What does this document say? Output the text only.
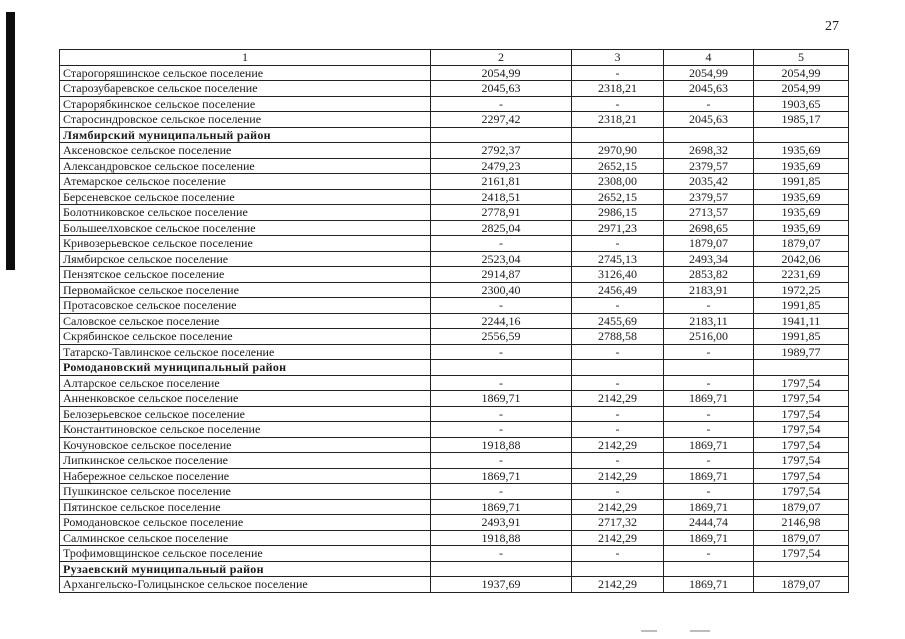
27
1	2	3	4	5
Старогоряшинское сельское поселение	2054,99	-	2054,99	2054,99
Старозубаревское сельское поселение	2045,63	2318,21	2045,63	2054,99
Старорябкинское сельское поселение	-	-	-	1903,65
Старосиндровское сельское поселение	2297,42	2318,21	2045,63	1985,17
Лямбирский муниципальный район				
Аксеновское сельское поселение	2792,37	2970,90	2698,32	1935,69
Александровское сельское поселение	2479,23	2652,15	2379,57	1935,69
Атемарское сельское поселение	2161,81	2308,00	2035,42	1991,85
Берсеневское сельское поселение	2418,51	2652,15	2379,57	1935,69
Болотниковское сельское поселение	2778,91	2986,15	2713,57	1935,69
Большеелховское сельское поселение	2825,04	2971,23	2698,65	1935,69
Кривозерьевское сельское поселение	-	-	1879,07	1879,07
Лямбирское сельское поселение	2523,04	2745,13	2493,34	2042,06
Пензятское сельское поселение	2914,87	3126,40	2853,82	2231,69
Первомайское сельское поселение	2300,40	2456,49	2183,91	1972,25
Протасовское сельское поселение	-	-	-	1991,85
Саловское сельское поселение	2244,16	2455,69	2183,11	1941,11
Скрябинское сельское поселение	2556,59	2788,58	2516,00	1991,85
Татарско-Тавлинское сельское поселение	-	-	-	1989,77
Ромодановский муниципальный район				
Алтарское сельское поселение	-	-	-	1797,54
Анненковское сельское поселение	1869,71	2142,29	1869,71	1797,54
Белозерьевское сельское поселение	-	-	-	1797,54
Константиновское сельское поселение	-	-	-	1797,54
Кочуновское сельское поселение	1918,88	2142,29	1869,71	1797,54
Липкинское сельское поселение	-	-	-	1797,54
Набережное сельское поселение	1869,71	2142,29	1869,71	1797,54
Пушкинское сельское поселение	-	-	-	1797,54
Пятинское сельское поселение	1869,71	2142,29	1869,71	1879,07
Ромодановское сельское поселение	2493,91	2717,32	2444,74	2146,98
Салминское сельское поселение	1918,88	2142,29	1869,71	1879,07
Трофимовщинское сельское поселение	-	-	-	1797,54
Рузаевский муниципальный район				
Архангельско-Голицынское сельское поселение	1937,69	2142,29	1869,71	1879,07
